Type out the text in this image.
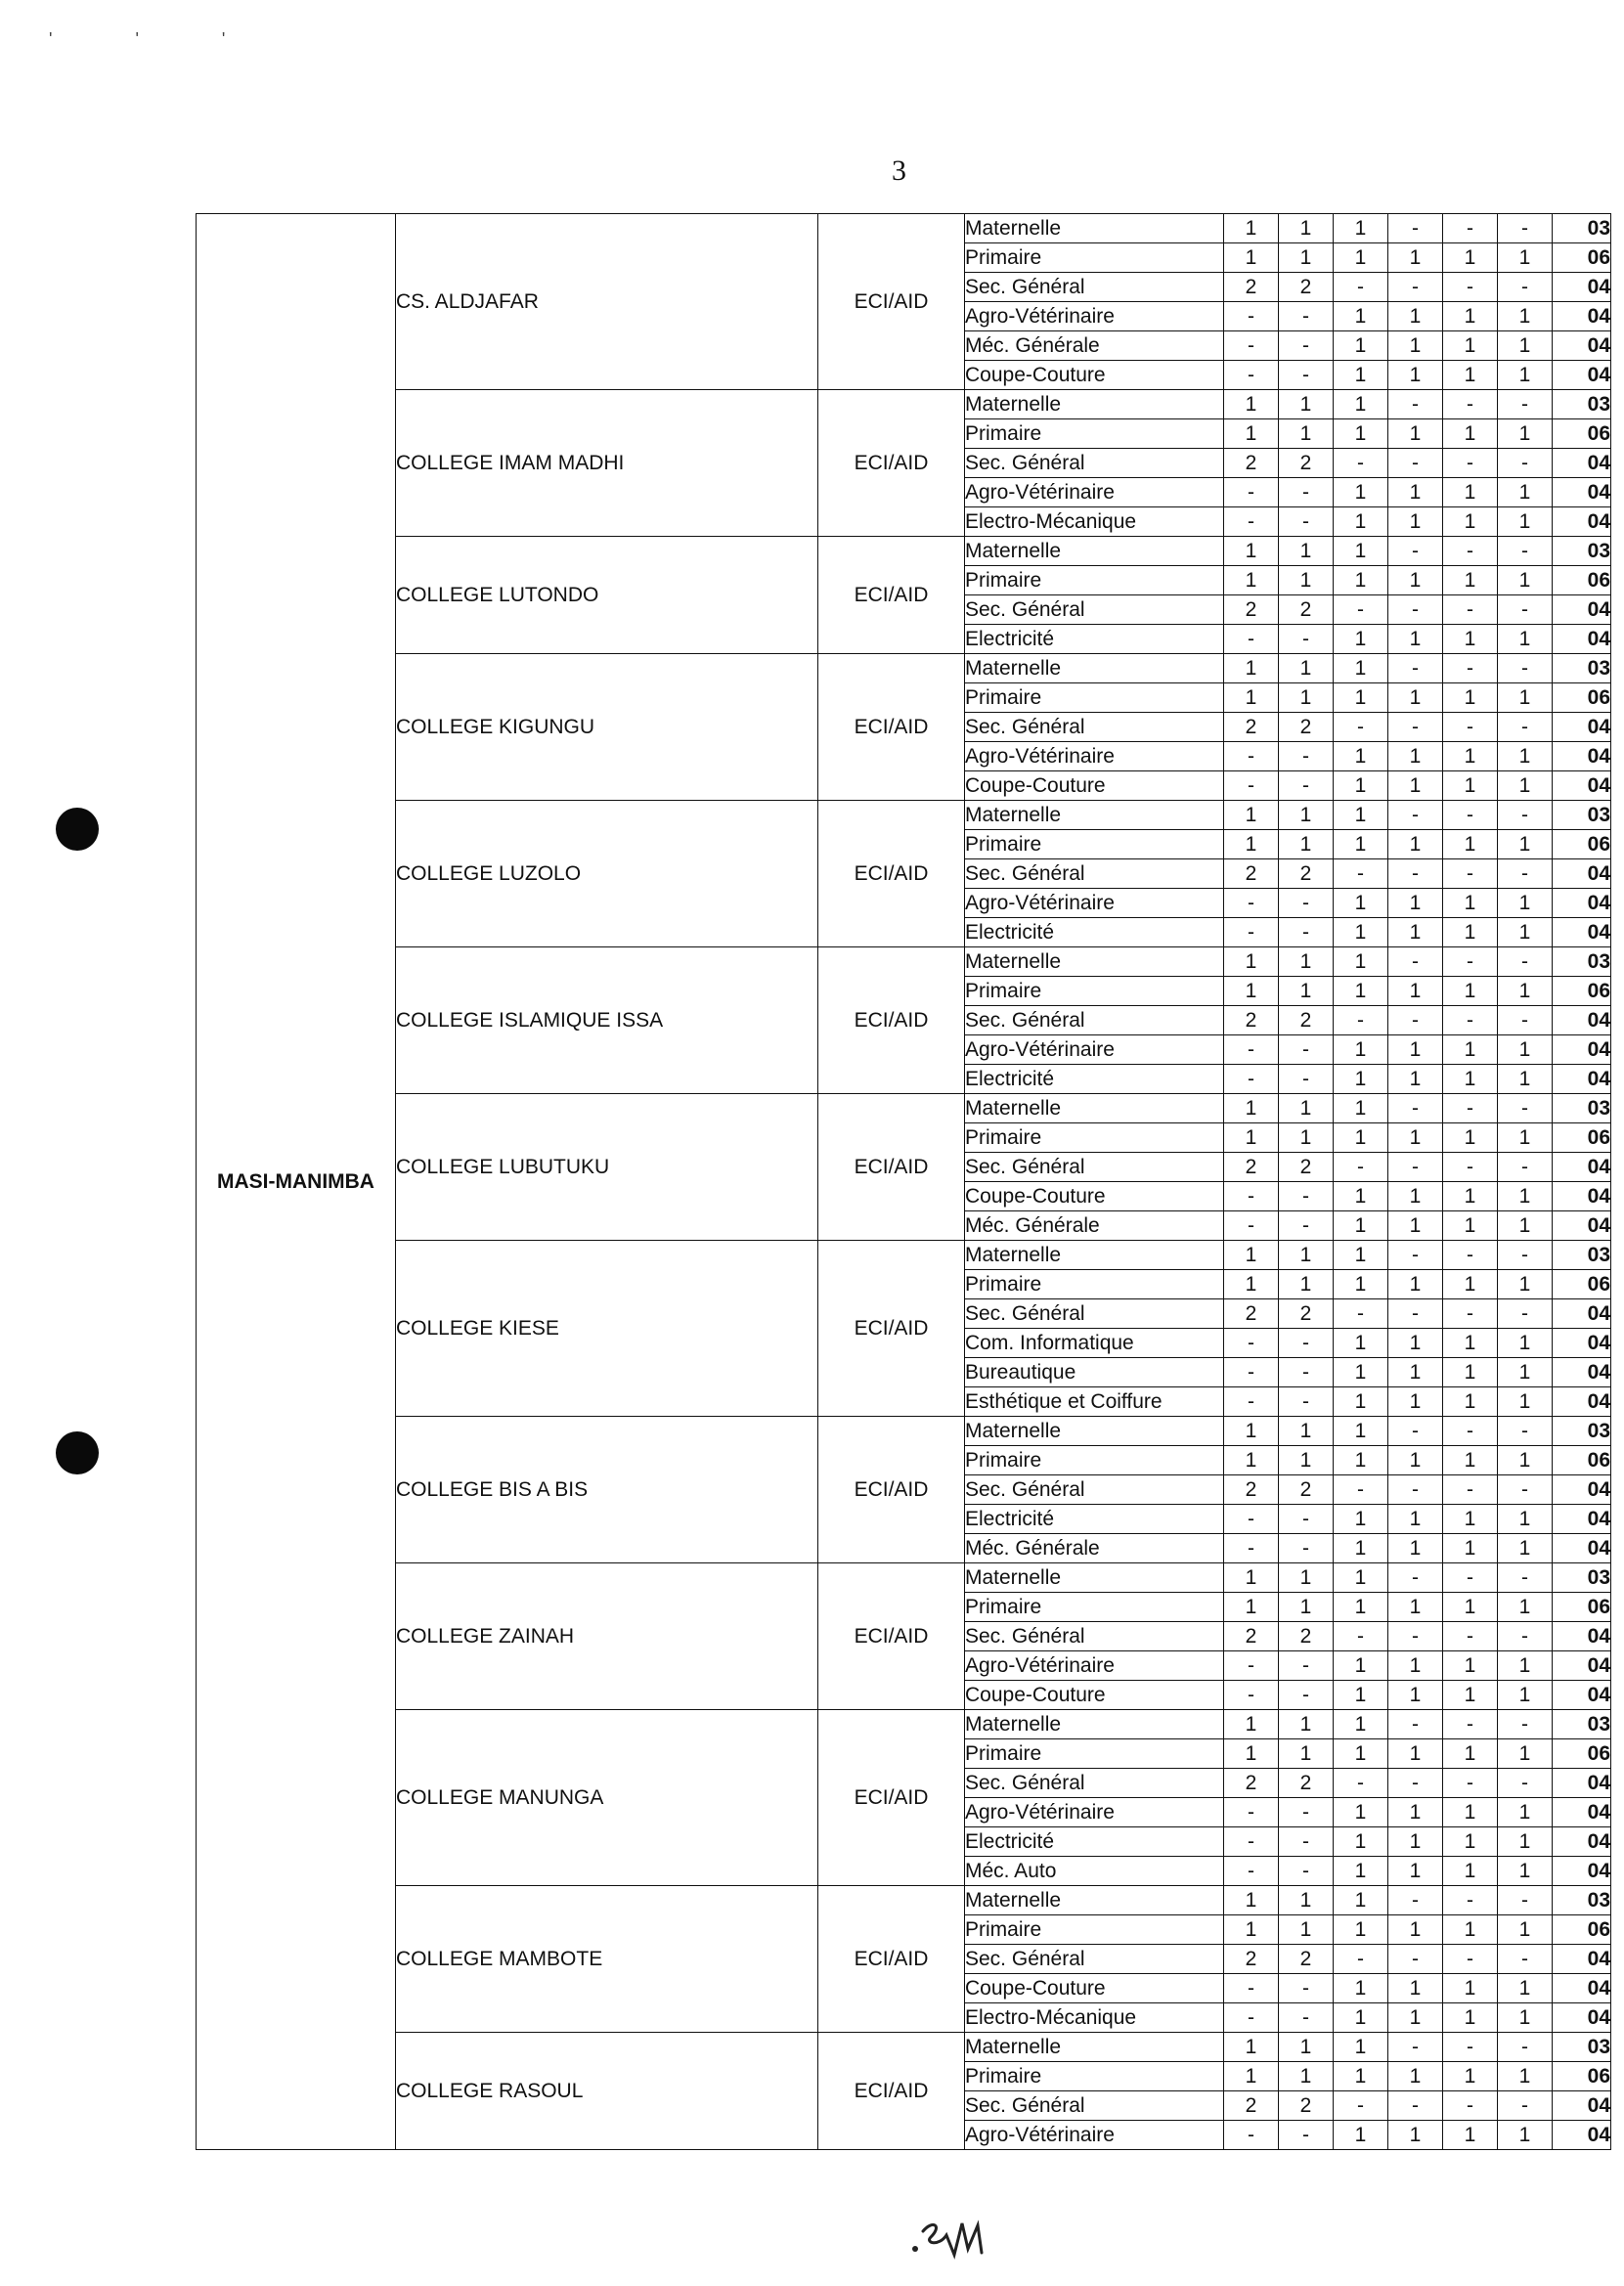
' ' '
3
MASI-MANIMBA	CS. ALDJAFAR	ECI/AID	Maternelle	1	1	1	-	-	-	03
			Primaire	1	1	1	1	1	1	06
			Sec. Général	2	2	-	-	-	-	04
			Agro-Vétérinaire	-	-	1	1	1	1	04
			Méc. Générale	-	-	1	1	1	1	04
			Coupe-Couture	-	-	1	1	1	1	04
	COLLEGE IMAM MADHI	ECI/AID	Maternelle	1	1	1	-	-	-	03
			Primaire	1	1	1	1	1	1	06
			Sec. Général	2	2	-	-	-	-	04
			Agro-Vétérinaire	-	-	1	1	1	1	04
			Electro-Mécanique	-	-	1	1	1	1	04
	COLLEGE LUTONDO	ECI/AID	Maternelle	1	1	1	-	-	-	03
			Primaire	1	1	1	1	1	1	06
			Sec. Général	2	2	-	-	-	-	04
			Electricité	-	-	1	1	1	1	04
	COLLEGE KIGUNGU	ECI/AID	Maternelle	1	1	1	-	-	-	03
			Primaire	1	1	1	1	1	1	06
			Sec. Général	2	2	-	-	-	-	04
			Agro-Vétérinaire	-	-	1	1	1	1	04
			Coupe-Couture	-	-	1	1	1	1	04
	COLLEGE LUZOLO	ECI/AID	Maternelle	1	1	1	-	-	-	03
			Primaire	1	1	1	1	1	1	06
			Sec. Général	2	2	-	-	-	-	04
			Agro-Vétérinaire	-	-	1	1	1	1	04
			Electricité	-	-	1	1	1	1	04
	COLLEGE ISLAMIQUE ISSA	ECI/AID	Maternelle	1	1	1	-	-	-	03
			Primaire	1	1	1	1	1	1	06
			Sec. Général	2	2	-	-	-	-	04
			Agro-Vétérinaire	-	-	1	1	1	1	04
			Electricité	-	-	1	1	1	1	04
	COLLEGE LUBUTUKU	ECI/AID	Maternelle	1	1	1	-	-	-	03
			Primaire	1	1	1	1	1	1	06
			Sec. Général	2	2	-	-	-	-	04
			Coupe-Couture	-	-	1	1	1	1	04
			Méc. Générale	-	-	1	1	1	1	04
	COLLEGE KIESE	ECI/AID	Maternelle	1	1	1	-	-	-	03
			Primaire	1	1	1	1	1	1	06
			Sec. Général	2	2	-	-	-	-	04
			Com. Informatique	-	-	1	1	1	1	04
			Bureautique	-	-	1	1	1	1	04
			Esthétique et Coiffure	-	-	1	1	1	1	04
	COLLEGE BIS A BIS	ECI/AID	Maternelle	1	1	1	-	-	-	03
			Primaire	1	1	1	1	1	1	06
			Sec. Général	2	2	-	-	-	-	04
			Electricité	-	-	1	1	1	1	04
			Méc. Générale	-	-	1	1	1	1	04
	COLLEGE ZAINAH	ECI/AID	Maternelle	1	1	1	-	-	-	03
			Primaire	1	1	1	1	1	1	06
			Sec. Général	2	2	-	-	-	-	04
			Agro-Vétérinaire	-	-	1	1	1	1	04
			Coupe-Couture	-	-	1	1	1	1	04
	COLLEGE MANUNGA	ECI/AID	Maternelle	1	1	1	-	-	-	03
			Primaire	1	1	1	1	1	1	06
			Sec. Général	2	2	-	-	-	-	04
			Agro-Vétérinaire	-	-	1	1	1	1	04
			Electricité	-	-	1	1	1	1	04
			Méc. Auto	-	-	1	1	1	1	04
	COLLEGE MAMBOTE	ECI/AID	Maternelle	1	1	1	-	-	-	03
			Primaire	1	1	1	1	1	1	06
			Sec. Général	2	2	-	-	-	-	04
			Coupe-Couture	-	-	1	1	1	1	04
			Electro-Mécanique	-	-	1	1	1	1	04
	COLLEGE RASOUL	ECI/AID	Maternelle	1	1	1	-	-	-	03
			Primaire	1	1	1	1	1	1	06
			Sec. Général	2	2	-	-	-	-	04
			Agro-Vétérinaire	-	-	1	1	1	1	04
